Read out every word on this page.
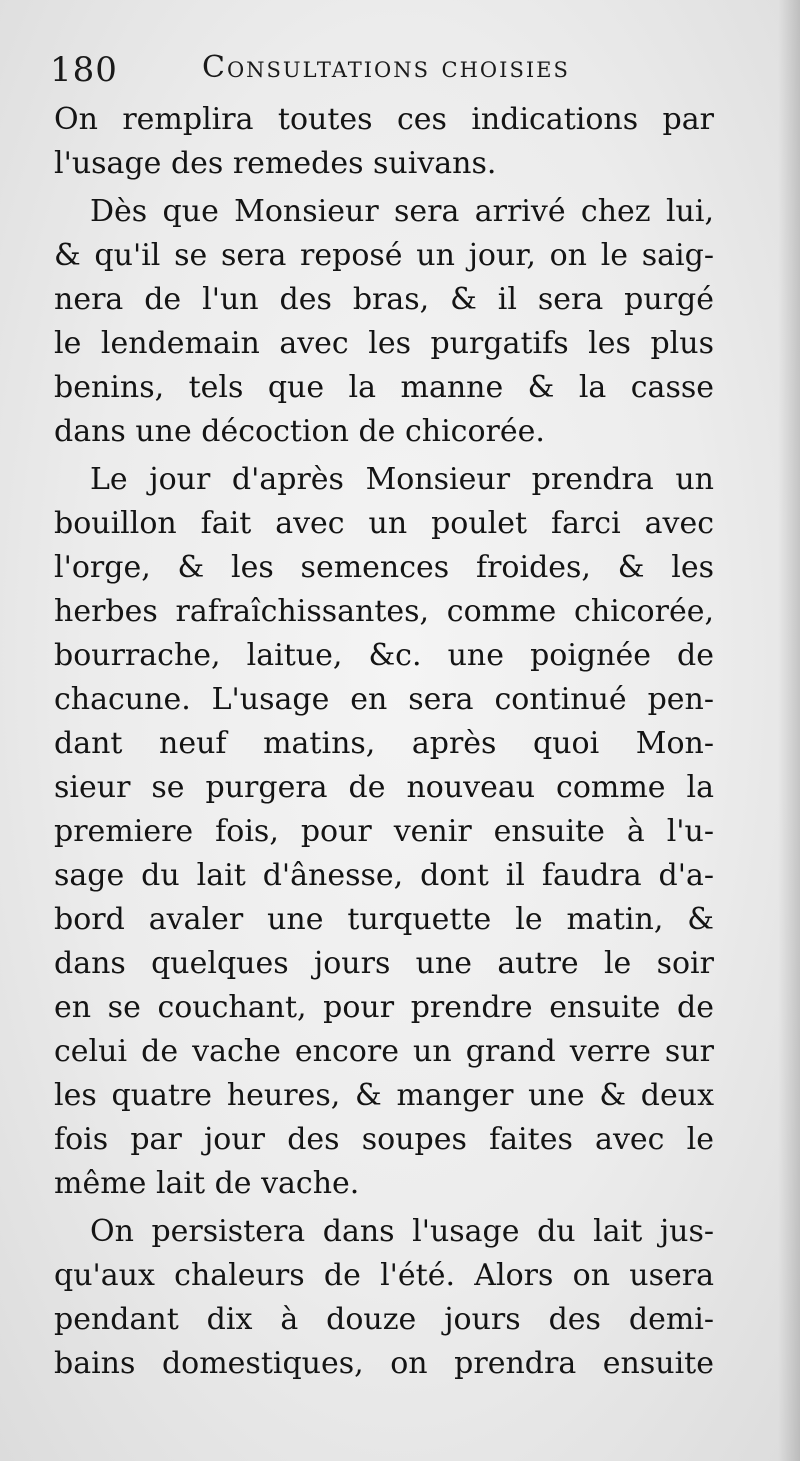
180	Consultations choisies
On remplira toutes ces indications par
l'usage des remedes suivans.
Dès que Monsieur sera arrivé chez lui,
& qu'il se sera reposé un jour, on le saig-
nera de l'un des bras, & il sera purgé
le lendemain avec les purgatifs les plus
benins, tels que la manne & la casse
dans une décoction de chicorée.
Le jour d'après Monsieur prendra un
bouillon fait avec un poulet farci avec
l'orge, & les semences froides, & les
herbes rafraîchissantes, comme chicorée,
bourrache, laitue, &c. une poignée de
chacune. L'usage en sera continué pen-
dant neuf matins, après quoi Mon-
sieur se purgera de nouveau comme la
premiere fois, pour venir ensuite à l'u-
sage du lait d'ânesse, dont il faudra d'a-
bord avaler une turquette le matin, &
dans quelques jours une autre le soir
en se couchant, pour prendre ensuite de
celui de vache encore un grand verre sur
les quatre heures, & manger une & deux
fois par jour des soupes faites avec le
même lait de vache.
On persistera dans l'usage du lait jus-
qu'aux chaleurs de l'été. Alors on usera
pendant dix à douze jours des demi-
bains domestiques, on prendra ensuite
